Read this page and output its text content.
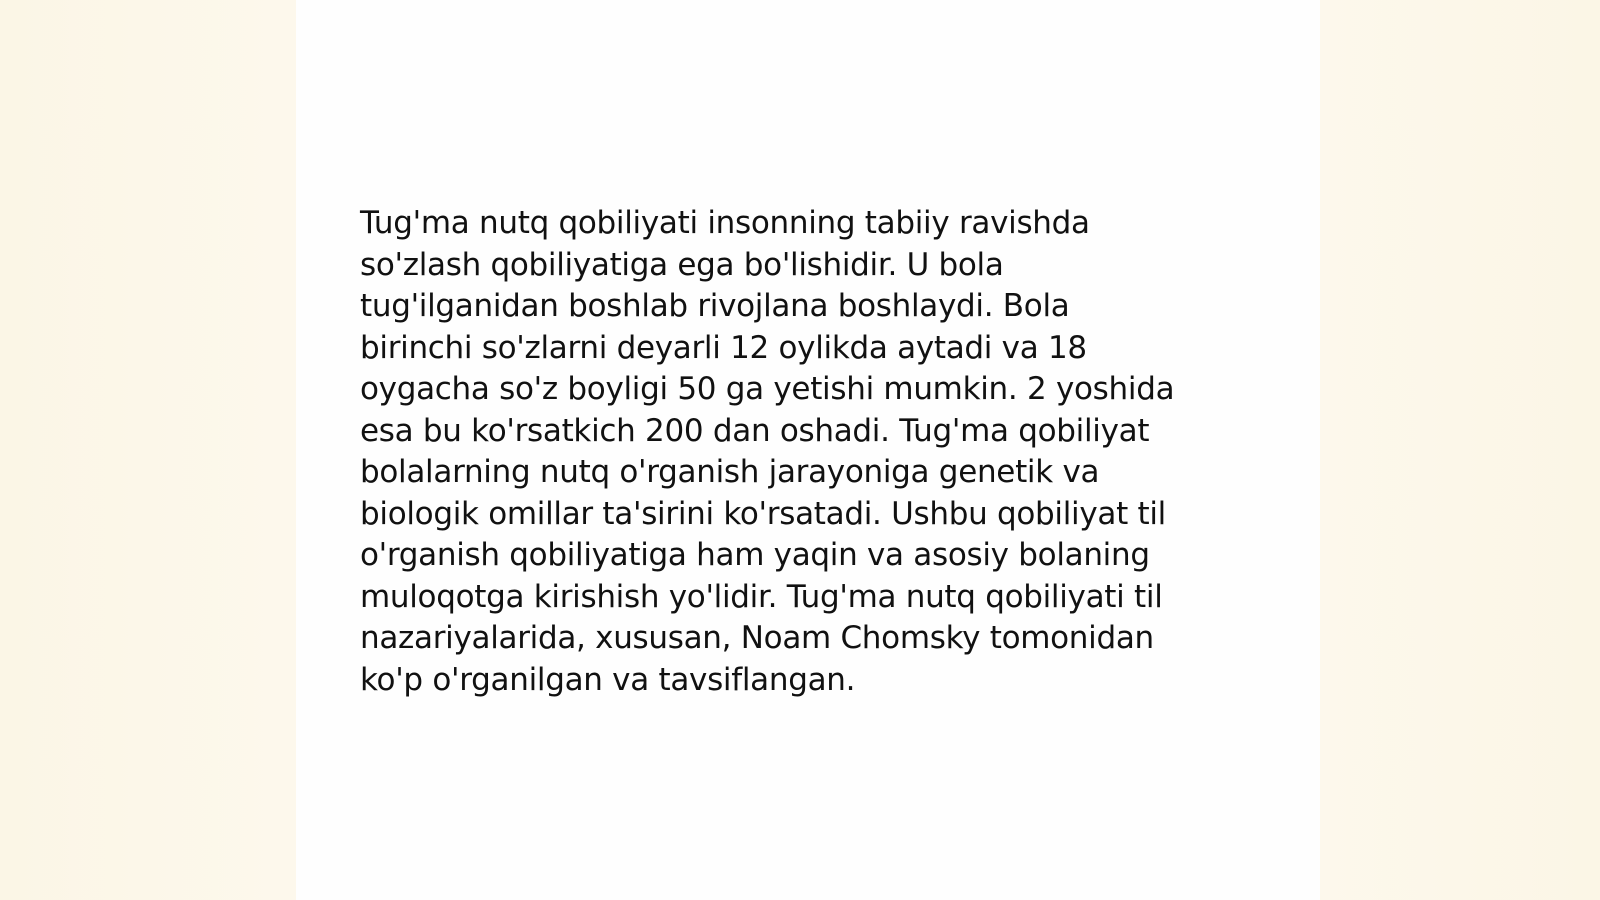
Tug'ma nutq qobiliyati insonning tabiiy ravishda
so'zlash qobiliyatiga ega bo'lishidir. U bola
tug'ilganidan boshlab rivojlana boshlaydi. Bola
birinchi so'zlarni deyarli 12 oylikda aytadi va 18
oygacha so'z boyligi 50 ga yetishi mumkin. 2 yoshida
esa bu ko'rsatkich 200 dan oshadi. Tug'ma qobiliyat
bolalarning nutq o'rganish jarayoniga genetik va
biologik omillar ta'sirini ko'rsatadi. Ushbu qobiliyat til
o'rganish qobiliyatiga ham yaqin va asosiy bolaning
muloqotga kirishish yo'lidir. Tug'ma nutq qobiliyati til
nazariyalarida, xususan, Noam Chomsky tomonidan
ko'p o'rganilgan va tavsiflangan.
